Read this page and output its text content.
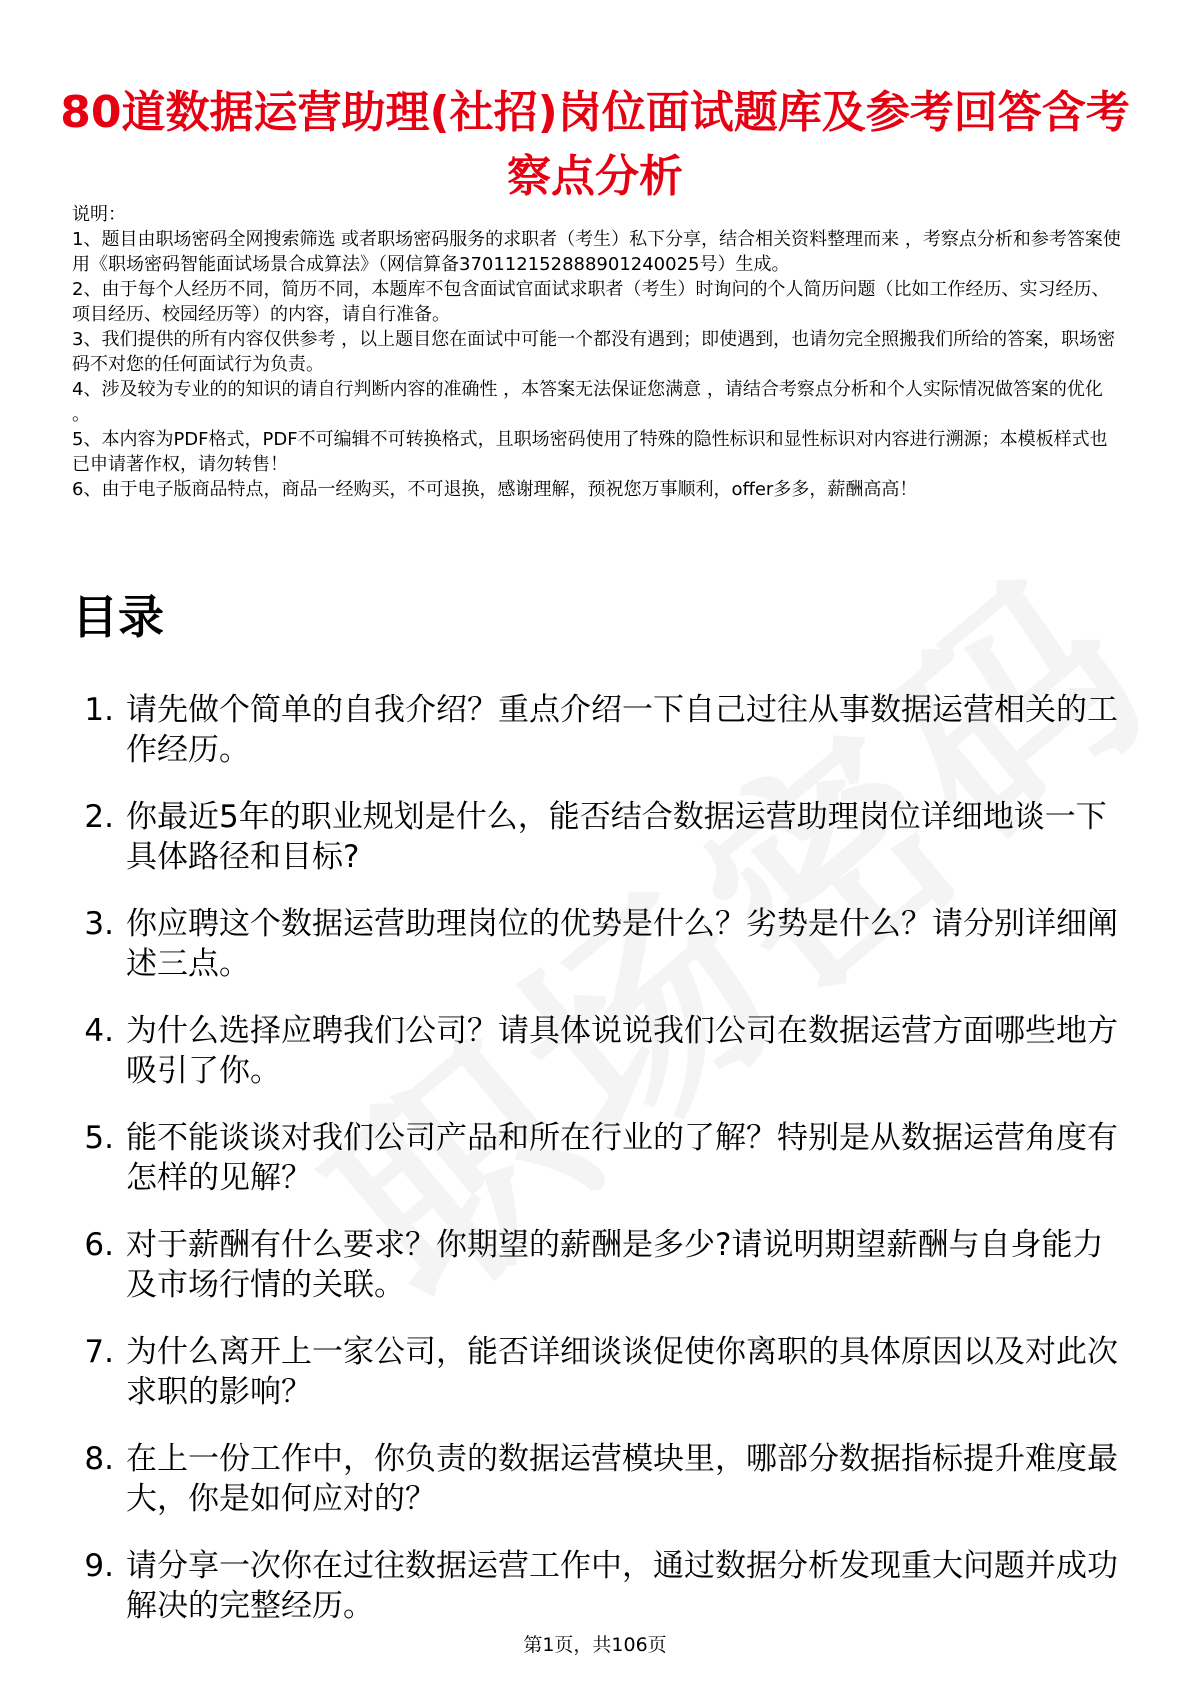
80道数据运营助理(社招)岗位面试题库及参考回答含考察点分析

说明：

1、题目由职场密码全网搜索筛选 或者职场密码服务的求职者（考生）私下分享，结合相关资料整理而来 ，考察点分析和参考答案使用《职场密码智能面试场景合成算法》（网信算备370112152888901240025号）生成。

2、由于每个人经历不同，简历不同，本题库不包含面试官面试求职者（考生）时询问的个人简历问题（比如工作经历、实习经历、项目经历、校园经历等）的内容，请自行准备。

3、我们提供的所有内容仅供参考 ，以上题目您在面试中可能一个都没有遇到；即使遇到，也请勿完全照搬我们所给的答案，职场密码不对您的任何面试行为负责。

4、涉及较为专业的的知识的请自行判断内容的准确性 ，本答案无法保证您满意 ，请结合考察点分析和个人实际情况做答案的优化 。

5、本内容为PDF格式，PDF不可编辑不可转换格式，且职场密码使用了特殊的隐性标识和显性标识对内容进行溯源；本模板样式也已申请著作权，请勿转售！

6、由于电子版商品特点，商品一经购买，不可退换，感谢理解，预祝您万事顺利，offer多多，薪酬高高！

目录
1. 请先做个简单的自我介绍？重点介绍一下自己过往从事数据运营相关的工作经历。
2. 你最近5年的职业规划是什么，能否结合数据运营助理岗位详细地谈一下具体路径和目标?
3. 你应聘这个数据运营助理岗位的优势是什么？劣势是什么？请分别详细阐述三点。
4. 为什么选择应聘我们公司？请具体说说我们公司在数据运营方面哪些地方吸引了你。
5. 能不能谈谈对我们公司产品和所在行业的了解？特别是从数据运营角度有怎样的见解？
6. 对于薪酬有什么要求？你期望的薪酬是多少?请说明期望薪酬与自身能力及市场行情的关联。
7. 为什么离开上一家公司，能否详细谈谈促使你离职的具体原因以及对此次求职的影响？
8. 在上一份工作中，你负责的数据运营模块里，哪部分数据指标提升难度最大，你是如何应对的？
9. 请分享一次你在过往数据运营工作中，通过数据分析发现重大问题并成功解决的完整经历。
第1页，共106页
